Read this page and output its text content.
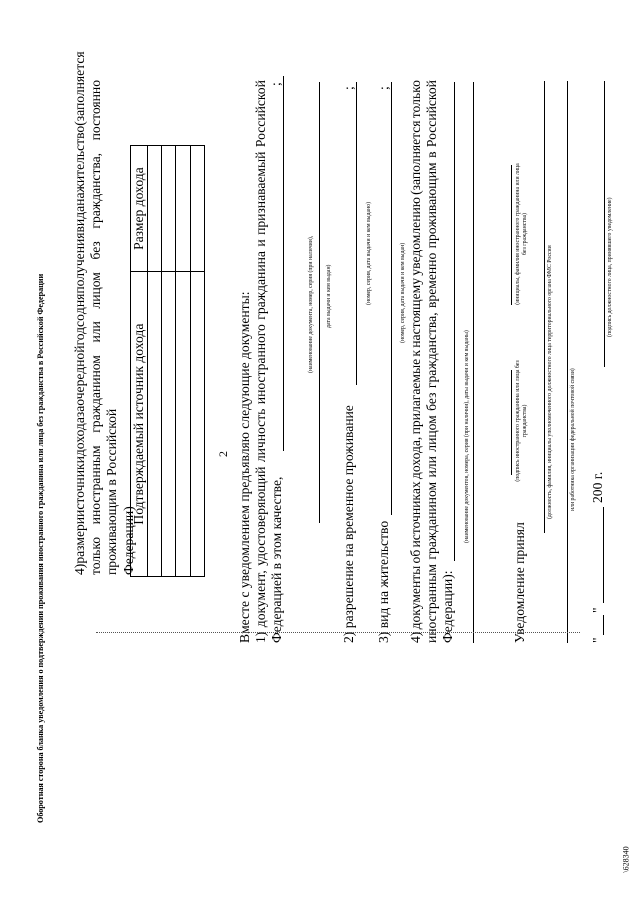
\628340
Оборотная сторона бланка уведомления о подтверждении проживания иностранного гражданина или лица без гражданства в Российской Федерации	2
4)
размер
и
источники
дохода
за
очередной
год
со
дня
получения
вида
на
жительство
(заполняется только иностранным гражданином или лицом без гражданства, постоянно проживающим в Российской Федерации)
Подтверждаемый источник дохода	Размер дохода

Вместе с уведомлением предъявляю следующие документы: 1)
документ,
удостоверяющий
личность
иностранного
гражданина
и
признаваемый
Российской
Федерацией в этом качестве,
;
(наименование документа, номер, серия (при наличии),	дата выдачи и кем выдан)
2) разрешение на временное проживание
;
(номер, серия, дата выдачи и кем выдано)
3) вид на жительство
;
(номер, серия, дата выдачи и кем выдан)
4)
документы
об
источниках
дохода,
прилагаемые
к
настоящему
уведомлению
(заполняется
только
иностранным
гражданином
или
лицом
без
гражданства,
временно
проживающим
в
Российской
Федерации):
(наименование документов, номера, серия (при наличии), даты выдачи и кем выданы)	(подпись иностранного гражданина или лица без гражданства)
(инициалы, фамилия иностранного гражданина или лица без гражданства)
Уведомление принял
(должность, фамилия, инициалы уполномоченного должностного лица территориального органа ФМС России	или работника организации федеральной почтовой связи)
"
"
200 г.
(подпись должностного лица, принявшего уведомление)
